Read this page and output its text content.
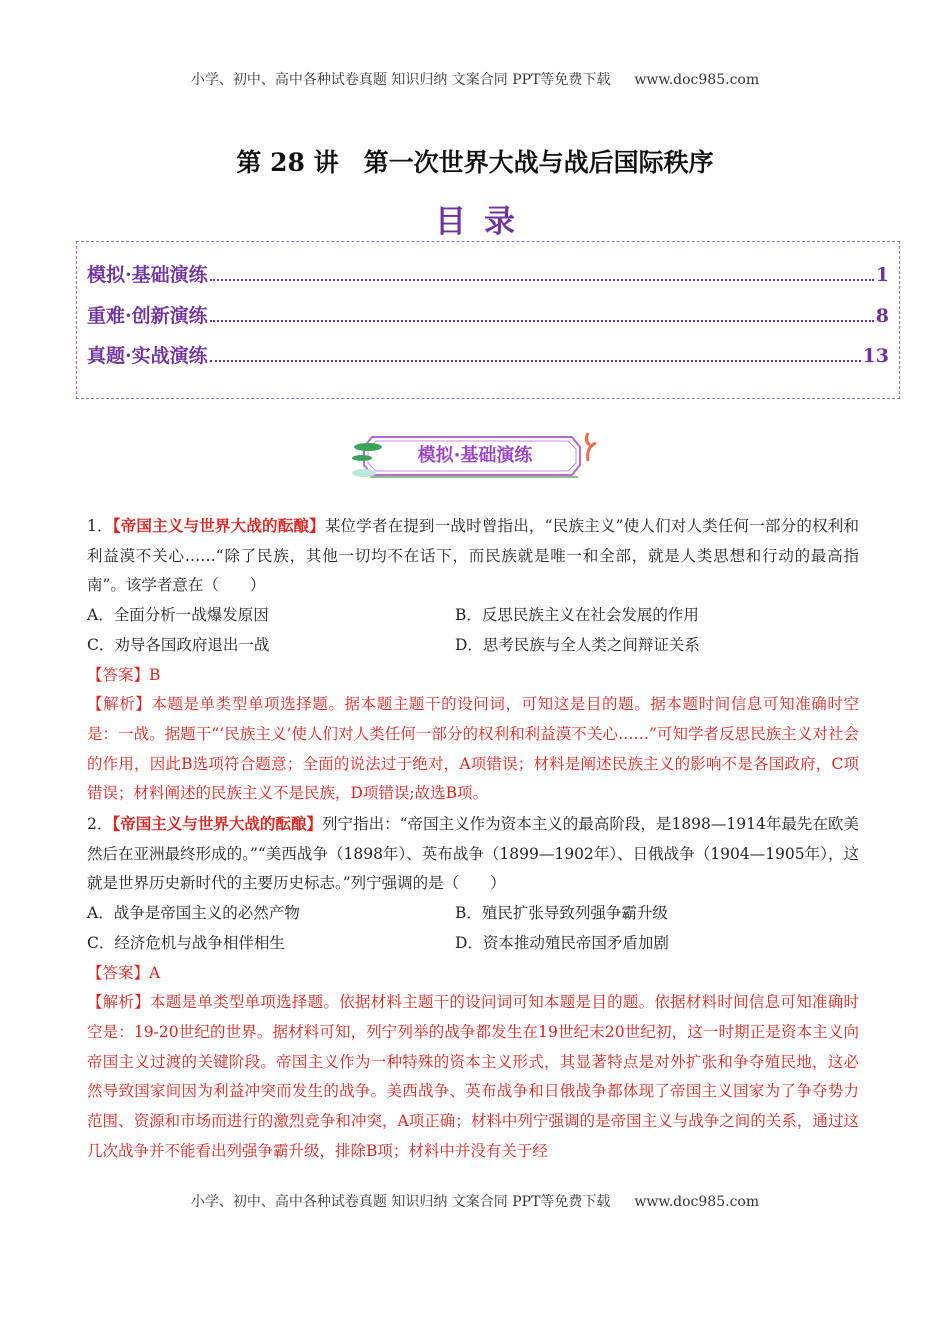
小学、初中、高中各种试卷真题 知识归纳 文案合同 PPT等免费下载 www.doc985.com
第 28 讲　第一次世界大战与战后国际秩序
目录
模拟·基础演练	1
重难·创新演练	8
真题·实战演练	13
模拟·基础演练

1．【帝国主义与世界大战的酝酿】某位学者在提到一战时曾指出，“民族主义”使人们对人类任何一部分的权利和利益漠不关心……“除了民族，其他一切均不在话下，而民族就是唯一和全部，就是人类思想和行动的最高指南”。该学者意在（　　）

A．全面分析一战爆发原因	B．反思民族主义在社会发展的作用
C．劝导各国政府退出一战	D．思考民族与全人类之间辩证关系

【答案】B

【解析】本题是单类型单项选择题。据本题主题干的设问词，可知这是目的题。据本题时间信息可知准确时空是：一战。据题干“‘民族主义’使人们对人类任何一部分的权利和利益漠不关心……”可知学者反思民族主义对社会的作用，因此B选项符合题意；全面的说法过于绝对，A项错误；材料是阐述民族主义的影响不是各国政府，C项错误；材料阐述的民族主义不是民族，D项错误;故选B项。

2．【帝国主义与世界大战的酝酿】列宁指出：“帝国主义作为资本主义的最高阶段，是1898—1914年最先在欧美然后在亚洲最终形成的。”“美西战争（1898年）、英布战争（1899—1902年）、日俄战争（1904—1905年），这就是世界历史新时代的主要历史标志。”列宁强调的是（　　）

A．战争是帝国主义的必然产物	B．殖民扩张导致列强争霸升级
C．经济危机与战争相伴相生	D．资本推动殖民帝国矛盾加剧

【答案】A

【解析】本题是单类型单项选择题。依据材料主题干的设问词可知本题是目的题。依据材料时间信息可知准确时空是：19-20世纪的世界。据材料可知，列宁列举的战争都发生在19世纪末20世纪初，这一时期正是资本主义向帝国主义过渡的关键阶段。帝国主义作为一种特殊的资本主义形式，其显著特点是对外扩张和争夺殖民地，这必然导致国家间因为利益冲突而发生的战争。美西战争、英布战争和日俄战争都体现了帝国主义国家为了争夺势力范围、资源和市场而进行的激烈竞争和冲突，A项正确；材料中列宁强调的是帝国主义与战争之间的关系，通过这几次战争并不能看出列强争霸升级，排除B项；材料中并没有关于经

小学、初中、高中各种试卷真题 知识归纳 文案合同 PPT等免费下载 www.doc985.com
